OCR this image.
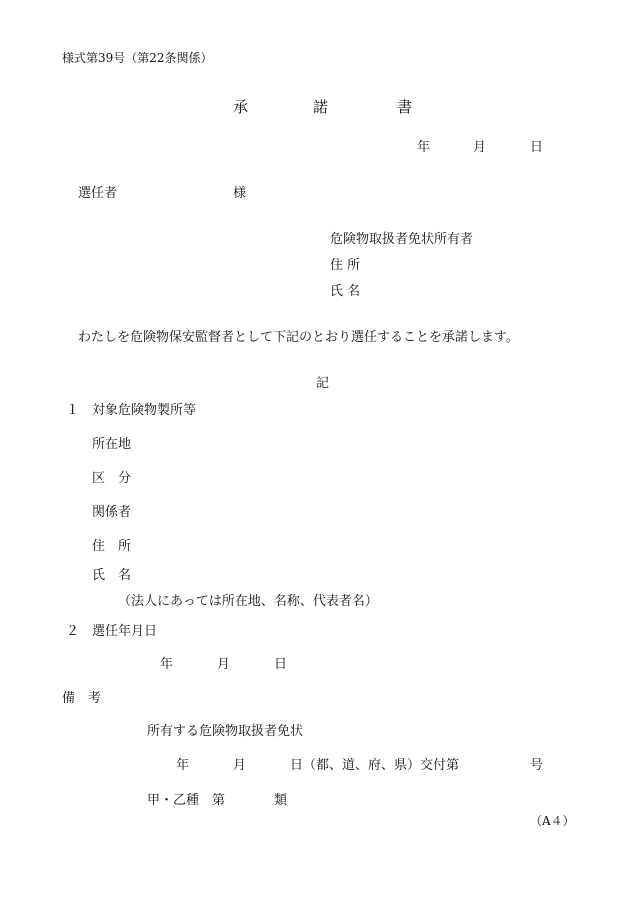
様式第39号（第22条関係）
承	諾	書
年	月	日
選任者	様
危険物取扱者免状所有者
住 所
氏 名
わたしを危険物保安監督者として下記のとおり選任することを承諾します。
記
１ 対象危険物製所等
所在地
区　分
関係者
住　所
氏　名
（法人にあっては所在地、名称、代表者名）
２ 選任年月日
年	月	日
備　考
所有する危険物取扱者免状
年	月	日（都、道、府、県）交付第	号
甲・乙種　第	類
（A４）
